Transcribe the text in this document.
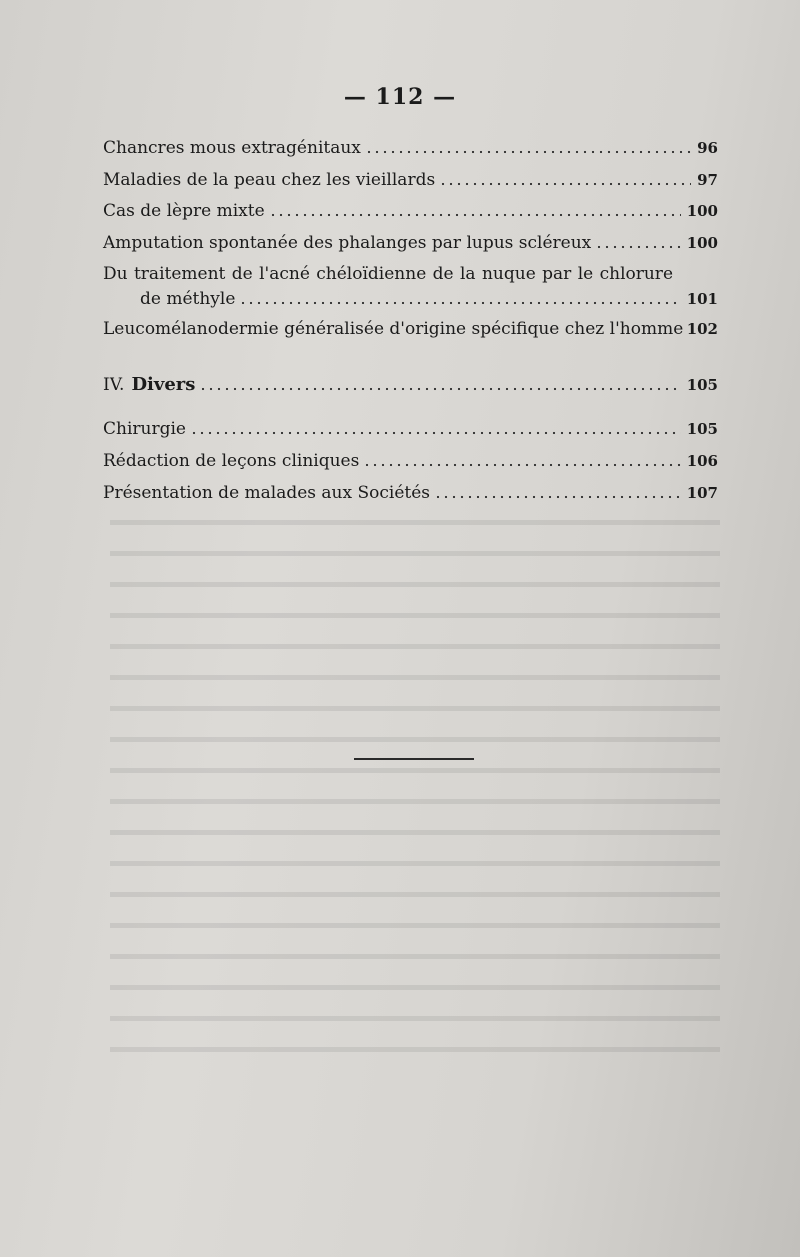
— 112 —
Chancres mous extragénitaux	96
Maladies de la peau chez les vieillards	97
Cas de lèpre mixte	100
Amputation spontanée des phalanges par lupus scléreux	100
Du traitement de l'acné chéloïdienne de la nuque par le chlorure
de méthyle	101
Leucomélanodermie généralisée d'origine spécifique chez l'homme 102
IV. Divers	105
Chirurgie	105
Rédaction de leçons cliniques	106
Présentation de malades aux Sociétés	107
